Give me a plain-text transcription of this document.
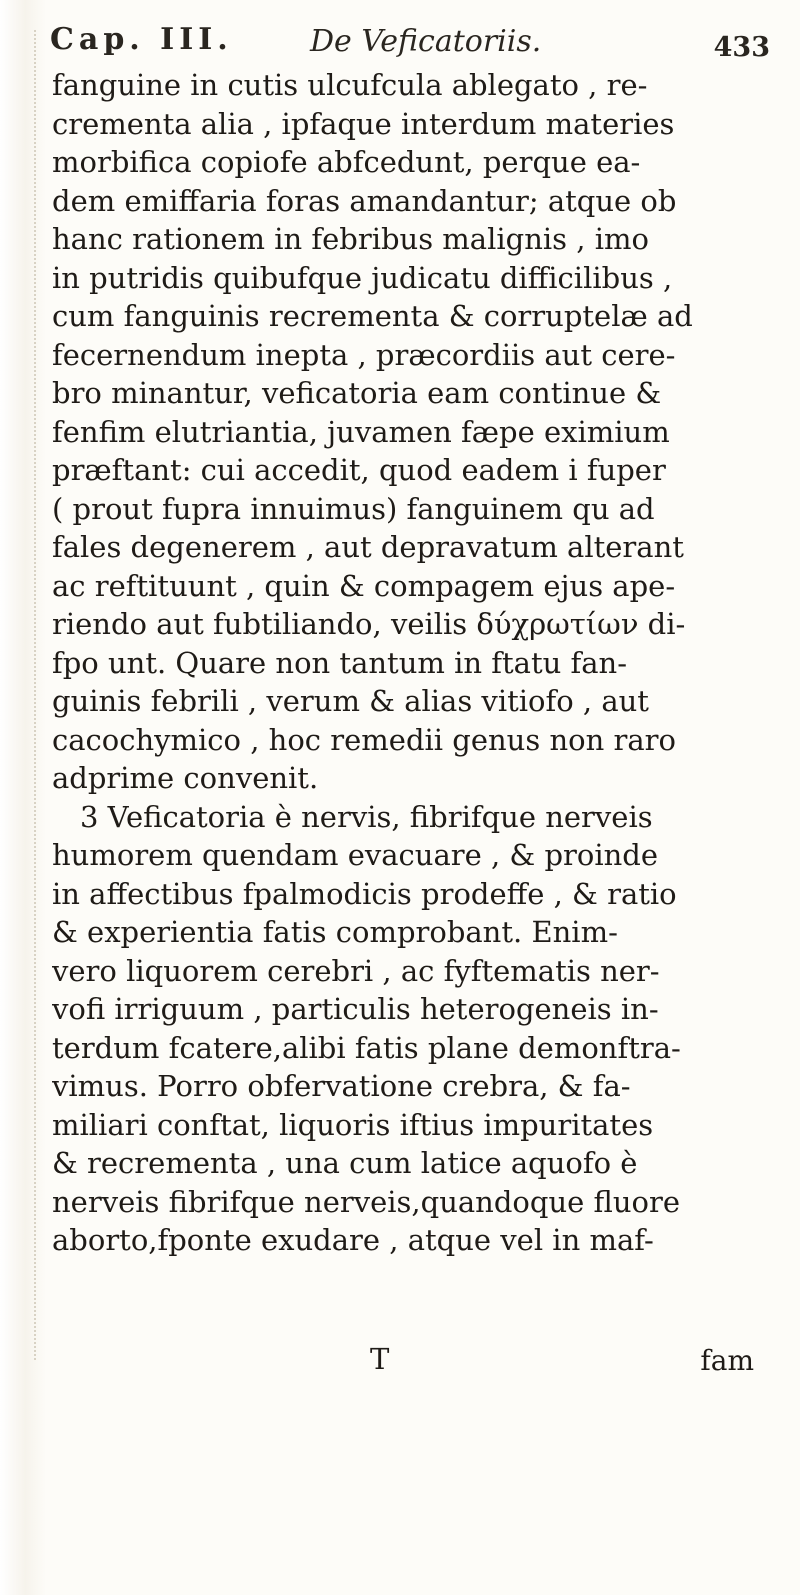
Cap. III.	De Veficatoriis.	433
fanguine in cutis ulcufcula ablegato , re-
crementa alia , ipfaque interdum materies
morbifica copiofe abfcedunt, perque ea-
dem emiffaria foras amandantur; atque ob
hanc rationem in febribus malignis , imo
in putridis quibufque judicatu difficilibus ,
cum fanguinis recrementa & corruptelæ ad
fecernendum inepta , præcordiis aut cere-
bro minantur, veficatoria eam continue &
fenfim elutriantia, juvamen fæpe eximium
præftant: cui accedit, quod eadem i fuper
( prout fupra innuimus) fanguinem qu ad
fales degenerem , aut depravatum alterant
ac reftituunt , quin & compagem ejus ape-
riendo aut fubtiliando, veilis δύχρωτίων di-
fpo unt. Quare non tantum in ftatu fan-
guinis febrili , verum & alias vitiofo , aut
cacochymico , hoc remedii genus non raro
adprime convenit.
3 Veficatoria è nervis, fibrifque nerveis
humorem quendam evacuare , & proinde
in affectibus fpalmodicis prodeffe , & ratio
& experientia fatis comprobant. Enim-
vero liquorem cerebri , ac fyftematis ner-
vofi irriguum , particulis heterogeneis in-
terdum fcatere,alibi fatis plane demonftra-
vimus. Porro obfervatione crebra, & fa-
miliari conftat, liquoris iftius impuritates
& recrementa , una cum latice aquofo è
nerveis fibrifque nerveis,quandoque fluore
aborto,fponte exudare , atque vel in maf-
T	fam
